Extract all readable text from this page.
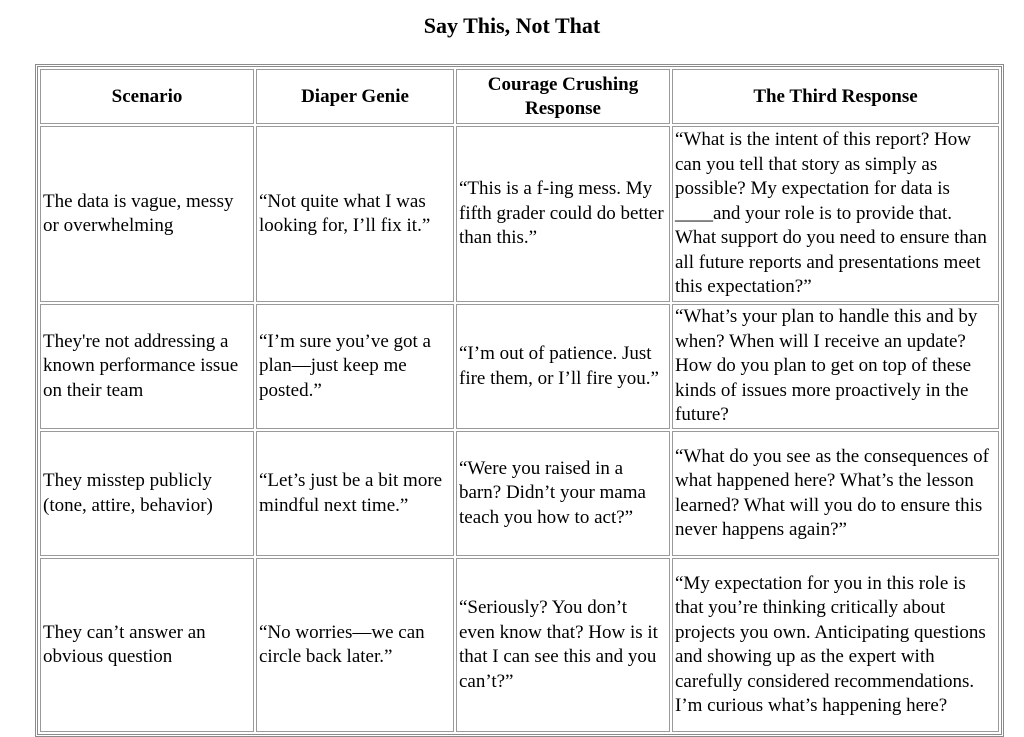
Say This, Not That
Scenario	Diaper Genie	Courage Crushing Response	The Third Response
The data is vague, messy or overwhelming	“Not quite what I was looking for, I’ll fix it.”	“This is a f-ing mess. My fifth grader could do better than this.”	“What is the intent of this report? How can you tell that story as simply as possible? My expectation for data is ____and your role is to provide that. What support do you need to ensure than all future reports and presentations meet this expectation?”
They're not addressing a known performance issue on their team	“I’m sure you’ve got a plan—just keep me posted.”	“I’m out of patience. Just fire them, or I’ll fire you.”	“What’s your plan to handle this and by when? When will I receive an update? How do you plan to get on top of these kinds of issues more proactively in the future?
They misstep publicly (tone, attire, behavior)	“Let’s just be a bit more mindful next time.”	“Were you raised in a barn? Didn’t your mama teach you how to act?”	“What do you see as the consequences of what happened here? What’s the lesson learned? What will you do to ensure this never happens again?”
They can’t answer an obvious question	“No worries—we can circle back later.”	“Seriously? You don’t even know that? How is it that I can see this and you can’t?”	“My expectation for you in this role is that you’re thinking critically about projects you own. Anticipating questions and showing up as the expert with carefully considered recommendations. I’m curious what’s happening here?
